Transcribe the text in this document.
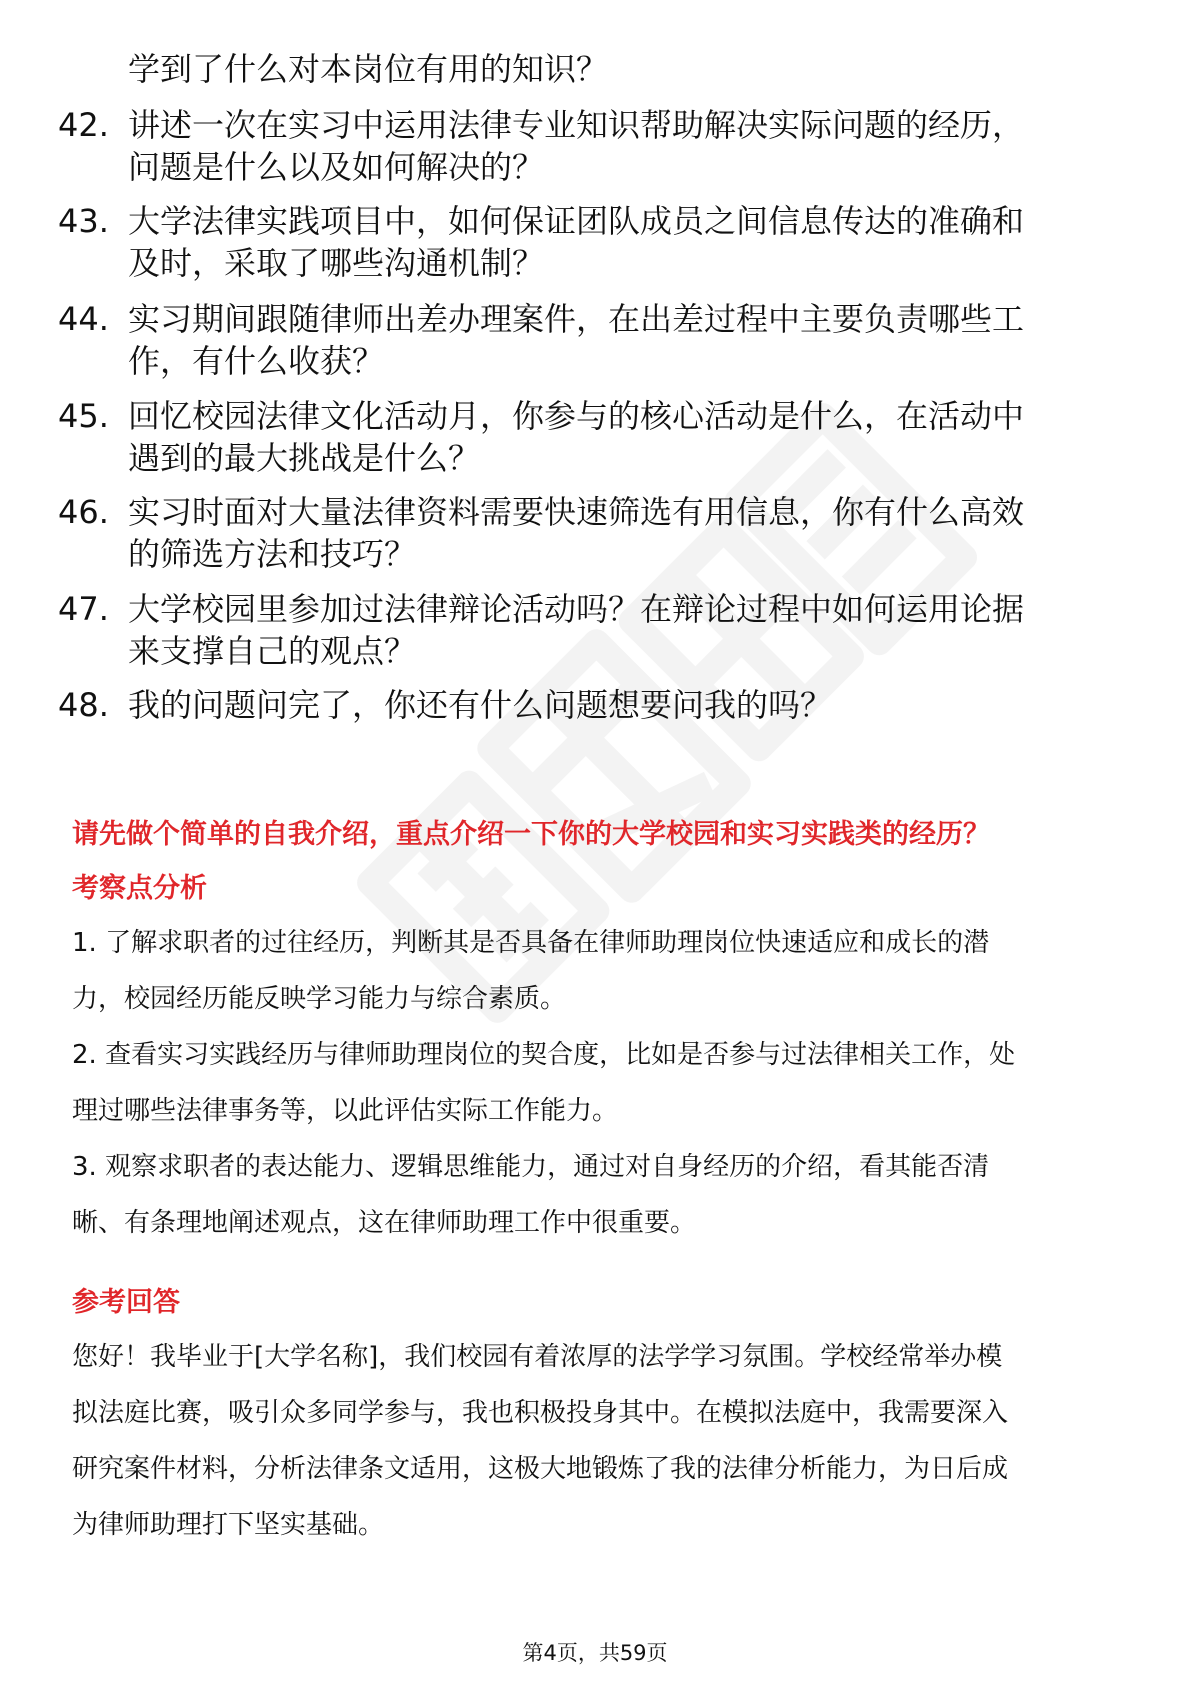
学到了什么对本岗位有用的知识？
42. 讲述一次在实习中运用法律专业知识帮助解决实际问题的经历，
问题是什么以及如何解决的？
43. 大学法律实践项目中，如何保证团队成员之间信息传达的准确和
及时，采取了哪些沟通机制？
44. 实习期间跟随律师出差办理案件，在出差过程中主要负责哪些工
作，有什么收获？
45. 回忆校园法律文化活动月，你参与的核心活动是什么，在活动中
遇到的最大挑战是什么？
46. 实习时面对大量法律资料需要快速筛选有用信息，你有什么高效
的筛选方法和技巧？
47. 大学校园里参加过法律辩论活动吗？在辩论过程中如何运用论据
来支撑自己的观点？
48. 我的问题问完了，你还有什么问题想要问我的吗？
请先做个简单的自我介绍，重点介绍一下你的大学校园和实习实践类的经历？
考察点分析
1. 了解求职者的过往经历，判断其是否具备在律师助理岗位快速适应和成长的潜
力，校园经历能反映学习能力与综合素质。
2. 查看实习实践经历与律师助理岗位的契合度，比如是否参与过法律相关工作，处
理过哪些法律事务等，以此评估实际工作能力。
3. 观察求职者的表达能力、逻辑思维能力，通过对自身经历的介绍，看其能否清
晰、有条理地阐述观点，这在律师助理工作中很重要。
参考回答
您好！我毕业于[大学名称]，我们校园有着浓厚的法学学习氛围。学校经常举办模
拟法庭比赛，吸引众多同学参与，我也积极投身其中。在模拟法庭中，我需要深入
研究案件材料，分析法律条文适用，这极大地锻炼了我的法律分析能力，为日后成
为律师助理打下坚实基础。
第4页，共59页
